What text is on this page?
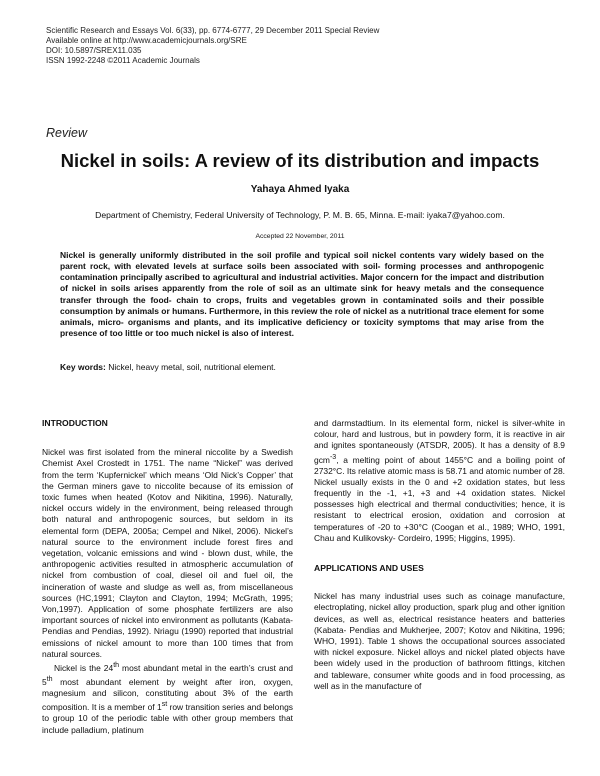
Scientific Research and Essays Vol. 6(33), pp. 6774-6777, 29 December 2011 Special Review
Available online at http://www.academicjournals.org/SRE
DOI: 10.5897/SREX11.035
ISSN 1992-2248 ©2011 Academic Journals
Review
Nickel in soils: A review of its distribution and impacts
Yahaya Ahmed Iyaka
Department of Chemistry, Federal University of Technology, P. M. B. 65, Minna. E-mail: iyaka7@yahoo.com.
Accepted 22 November, 2011
Nickel is generally uniformly distributed in the soil profile and typical soil nickel contents vary widely based on the parent rock, with elevated levels at surface soils been associated with soil- forming processes and anthropogenic contamination principally ascribed to agricultural and industrial activities. Major concern for the impact and distribution of nickel in soils arises apparently from the role of soil as an ultimate sink for heavy metals and the consequence transfer through the food- chain to crops, fruits and vegetables grown in contaminated soils and their possible consumption by animals or humans. Furthermore, in this review the role of nickel as a nutritional trace element for some animals, micro- organisms and plants, and its implicative deficiency or toxicity symptoms that may arise from the presence of too little or too much nickel is also of interest.
Key words: Nickel, heavy metal, soil, nutritional element.
INTRODUCTION

Nickel was first isolated from the mineral niccolite by a Swedish Chemist Axel Crostedt in 1751. The name “Nickel” was derived from the term ‘Kupfernickel’ which means ‘Old Nick’s Copper’ that the German miners gave to niccolite because of its emission of toxic fumes when heated (Kotov and Nikitina, 1996). Naturally, nickel occurs widely in the environment, being released through both natural and anthropogenic sources, but seldom in its elemental form (DEPA, 2005a; Cempel and Nikel, 2006). Nickel’s natural source to the environment include forest fires and vegetation, volcanic emissions and wind - blown dust, while, the anthropogenic activities resulted in atmospheric accumulation of nickel from combustion of coal, diesel oil and fuel oil, the incineration of waste and sludge as well as, from miscellaneous sources (HC,1991; Clayton and Clayton, 1994; McGrath, 1995; Von,1997). Application of some phosphate fertilizers are also important sources of nickel into environment as pollutants (Kabata- Pendias and Pendias, 1992). Nriagu (1990) reported that industrial emissions of nickel amount to more than 100 times that from natural sources.

Nickel is the 24th most abundant metal in the earth’s crust and 5th most abundant element by weight after iron, oxygen, magnesium and silicon, constituting about 3% of the earth composition. It is a member of 1st row transition series and belongs to group 10 of the periodic table with other group members that include palladium, platinum

and darmstadtium. In its elemental form, nickel is silver-white in colour, hard and lustrous, but in powdery form, it is reactive in air and ignites spontaneously (ATSDR, 2005). It has a density of 8.9 gcm$^{-3}$, a melting point of about 1455°C and a boiling point of 2732°C. Its relative atomic mass is 58.71 and atomic number of 28. Nickel usually exists in the 0 and +2 oxidation states, but less frequently in the -1, +1, +3 and +4 oxidation states. Nickel possesses high electrical and thermal conductivities; hence, it is resistant to electrical erosion, oxidation and corrosion at temperatures of -20 to +30°C (Coogan et al., 1989; WHO, 1991, Chau and Kulikovsky- Cordeiro, 1995; Higgins, 1995).

APPLICATIONS AND USES

Nickel has many industrial uses such as coinage manufacture, electroplating, nickel alloy production, spark plug and other ignition devices, as well as, electrical resistance heaters and batteries (Kabata- Pendias and Mukherjee, 2007; Kotov and Nikitina, 1996; WHO, 1991). Table 1 shows the occupational sources associated with nickel exposure. Nickel alloys and nickel plated objects have been widely used in the production of bathroom fittings, kitchen and tableware, consumer white goods and in food processing, as well as in the manufacture of
